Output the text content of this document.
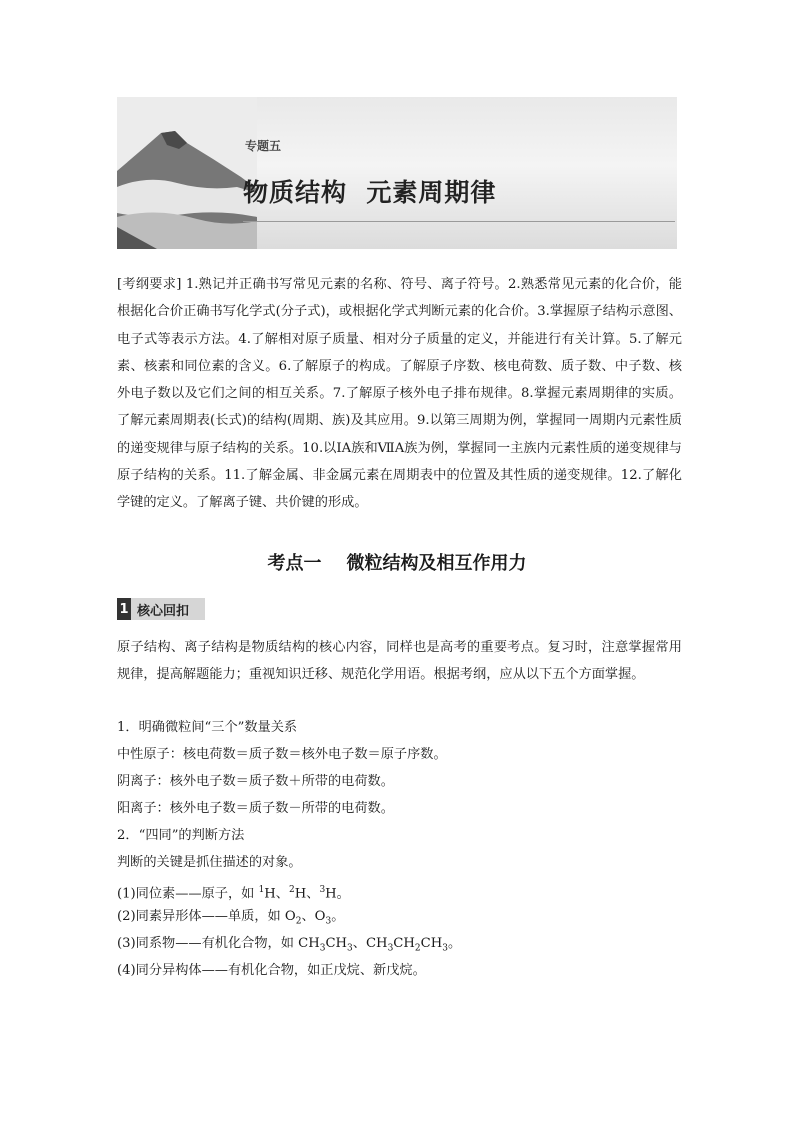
专题五
物质结构  元素周期律
[考纲要求] 1.熟记并正确书写常见元素的名称、符号、离子符号。2.熟悉常见元素的化合价，能根据化合价正确书写化学式(分子式)，或根据化学式判断元素的化合价。3.掌握原子结构示意图、电子式等表示方法。4.了解相对原子质量、相对分子质量的定义，并能进行有关计算。5.了解元素、核素和同位素的含义。6.了解原子的构成。了解原子序数、核电荷数、质子数、中子数、核外电子数以及它们之间的相互关系。7.了解原子核外电子排布规律。8.掌握元素周期律的实质。了解元素周期表(长式)的结构(周期、族)及其应用。9.以第三周期为例，掌握同一周期内元素性质的递变规律与原子结构的关系。10.以ⅠA族和ⅦA族为例，掌握同一主族内元素性质的递变规律与原子结构的关系。11.了解金属、非金属元素在周期表中的位置及其性质的递变规律。12.了解化学键的定义。了解离子键、共价键的形成。
考点一    微粒结构及相互作用力
1 核心回扣
原子结构、离子结构是物质结构的核心内容，同样也是高考的重要考点。复习时，注意掌握常用规律，提高解题能力；重视知识迁移、规范化学用语。根据考纲，应从以下五个方面掌握。
1．明确微粒间“三个”数量关系
中性原子：核电荷数＝质子数＝核外电子数＝原子序数。
阴离子：核外电子数＝质子数＋所带的电荷数。
阳离子：核外电子数＝质子数－所带的电荷数。
2．“四同”的判断方法
判断的关键是抓住描述的对象。
(1)同位素——原子，如 $^1$H、$^2$H、$^3$H。
(2)同素异形体——单质，如 $O_2$、$O_3$。
(3)同系物——有机化合物，如 $CH_3CH_3$、$CH_3CH_2CH_3$。
(4)同分异构体——有机化合物，如正戊烷、新戊烷。
